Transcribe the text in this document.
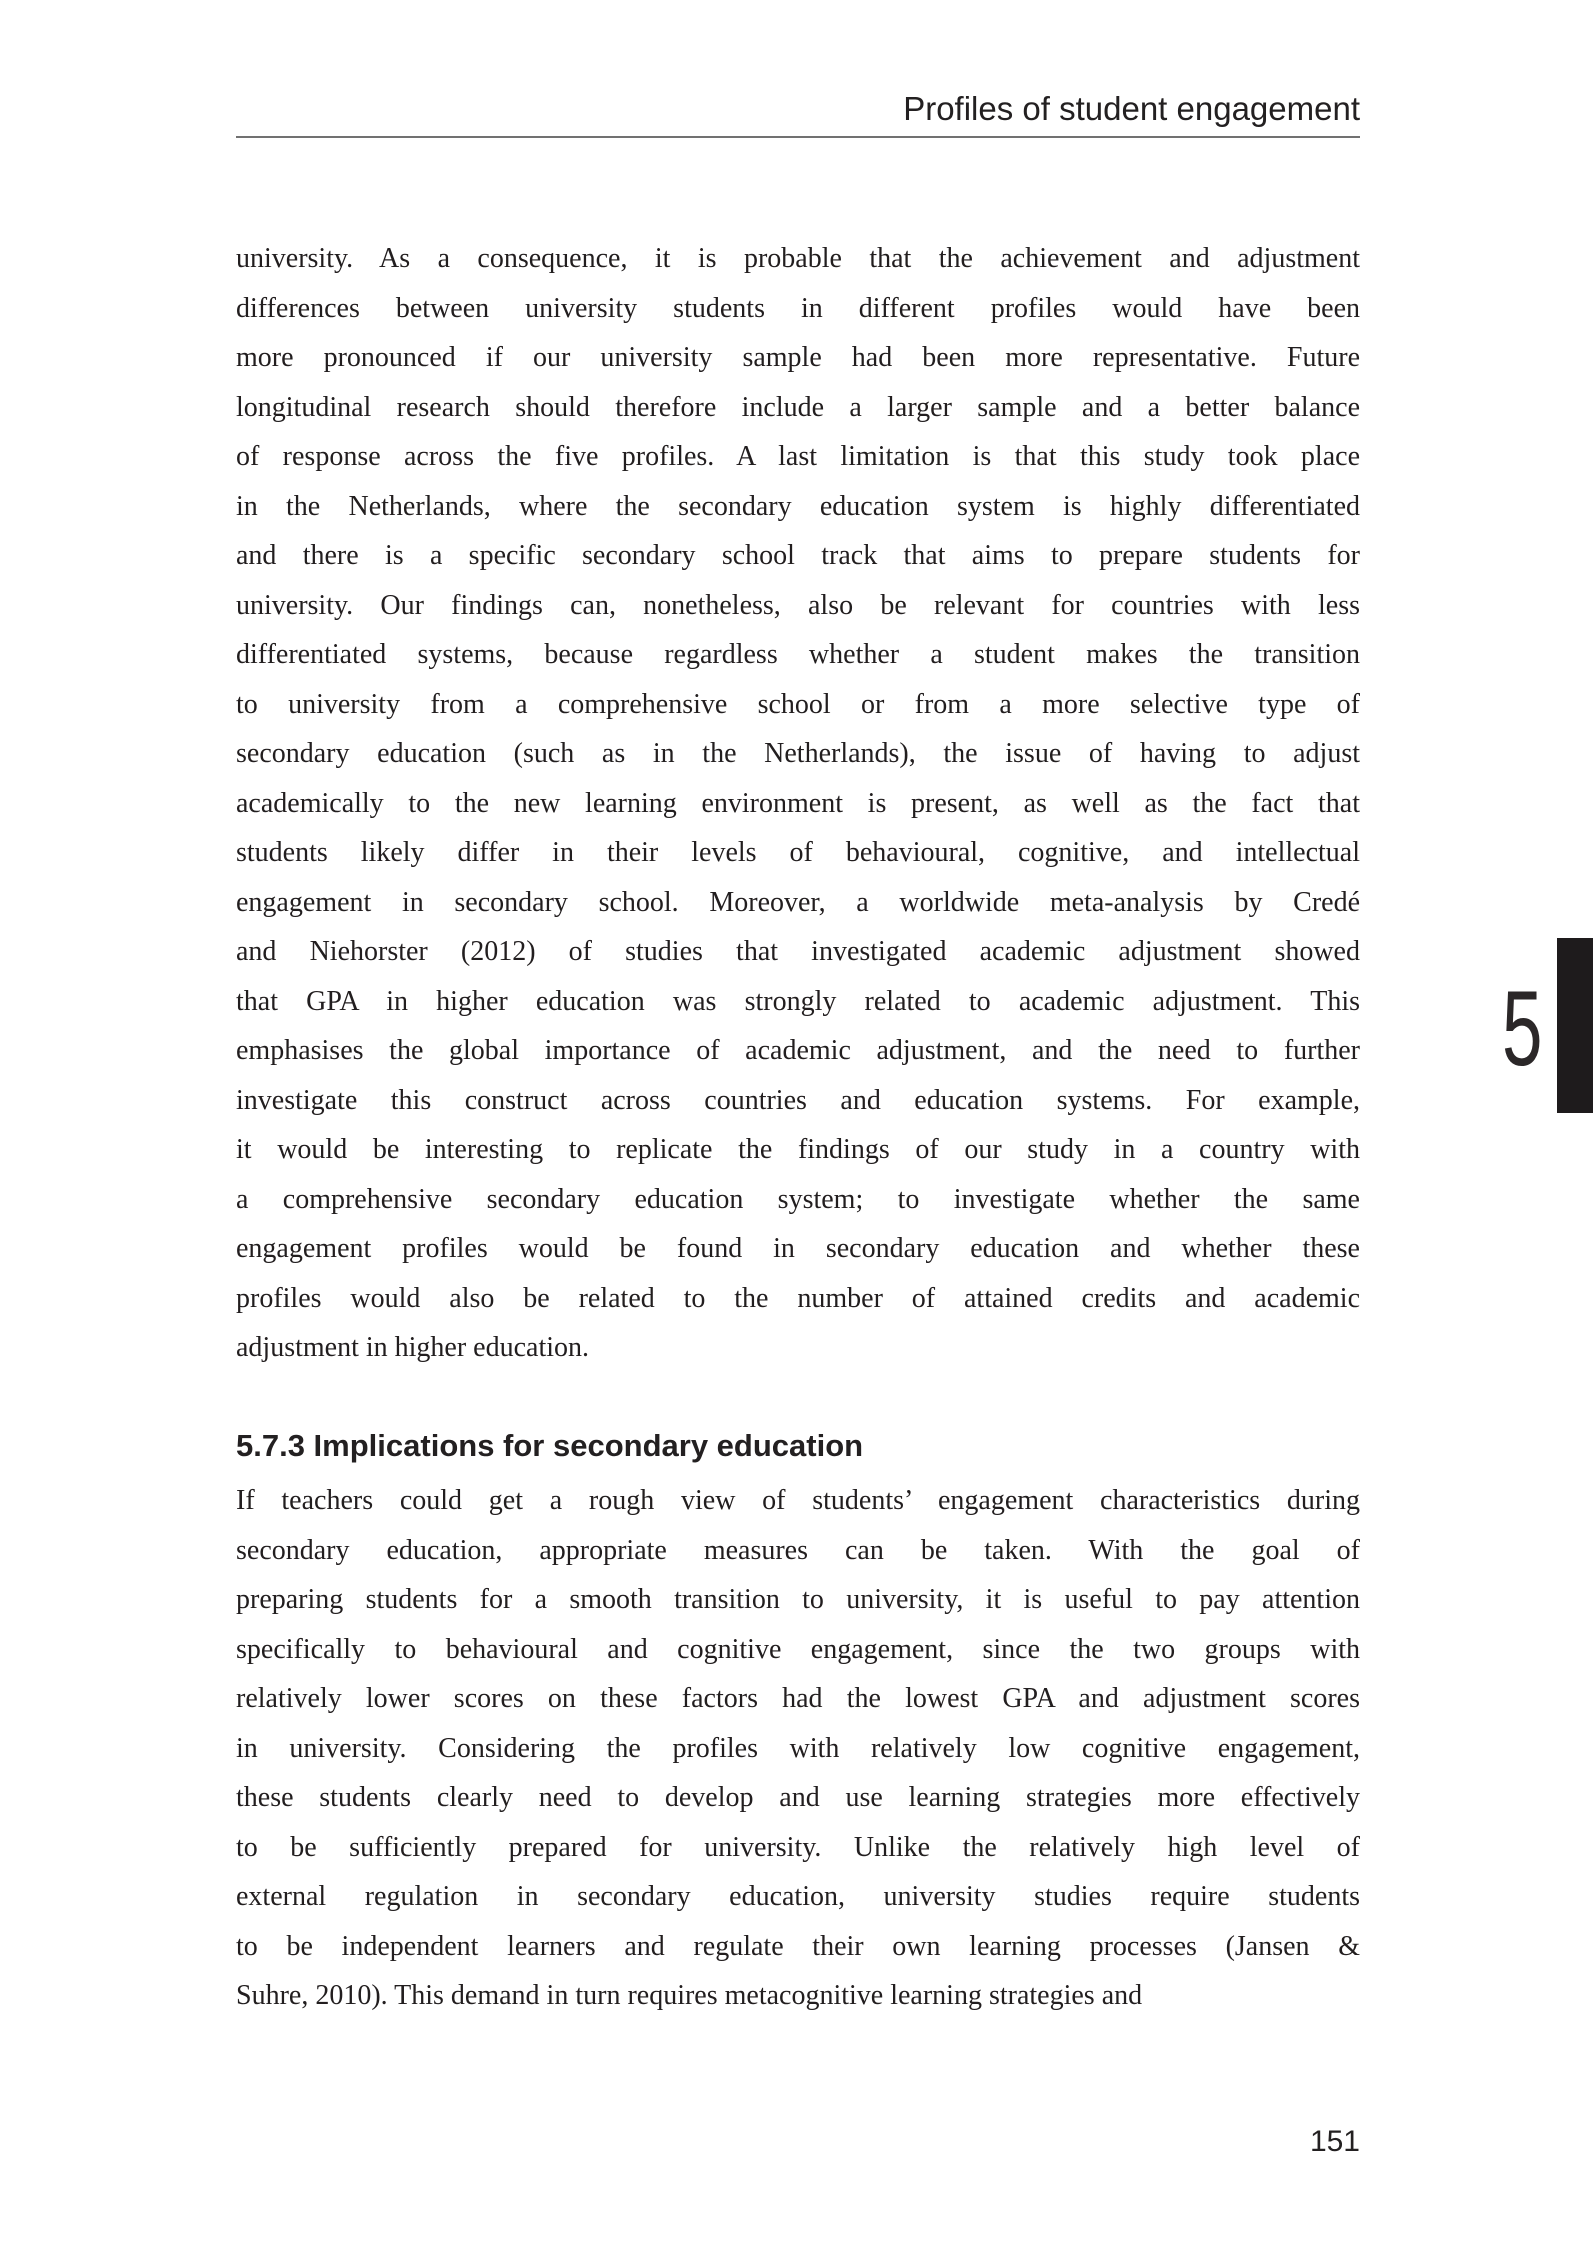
Profiles of student engagement
university. As a consequence, it is probable that the achievement and adjustment
differences between university students in different profiles would have been
more pronounced if our university sample had been more representative. Future
longitudinal research should therefore include a larger sample and a better balance
of response across the five profiles. A last limitation is that this study took place
in the Netherlands, where the secondary education system is highly differentiated
and there is a specific secondary school track that aims to prepare students for
university. Our findings can, nonetheless, also be relevant for countries with less
differentiated systems, because regardless whether a student makes the transition
to university from a comprehensive school or from a more selective type of
secondary education (such as in the Netherlands), the issue of having to adjust
academically to the new learning environment is present, as well as the fact that
students likely differ in their levels of behavioural, cognitive, and intellectual
engagement in secondary school. Moreover, a worldwide meta-analysis by Credé
and Niehorster (2012) of studies that investigated academic adjustment showed
that GPA in higher education was strongly related to academic adjustment. This
emphasises the global importance of academic adjustment, and the need to further
investigate this construct across countries and education systems. For example,
it would be interesting to replicate the findings of our study in a country with
a comprehensive secondary education system; to investigate whether the same
engagement profiles would be found in secondary education and whether these
profiles would also be related to the number of attained credits and academic
adjustment in higher education.
5.7.3 Implications for secondary education
If teachers could get a rough view of students’ engagement characteristics during
secondary education, appropriate measures can be taken. With the goal of
preparing students for a smooth transition to university, it is useful to pay attention
specifically to behavioural and cognitive engagement, since the two groups with
relatively lower scores on these factors had the lowest GPA and adjustment scores
in university. Considering the profiles with relatively low cognitive engagement,
these students clearly need to develop and use learning strategies more effectively
to be sufficiently prepared for university. Unlike the relatively high level of
external regulation in secondary education, university studies require students
to be independent learners and regulate their own learning processes (Jansen &
Suhre, 2010). This demand in turn requires metacognitive learning strategies and
5
151
